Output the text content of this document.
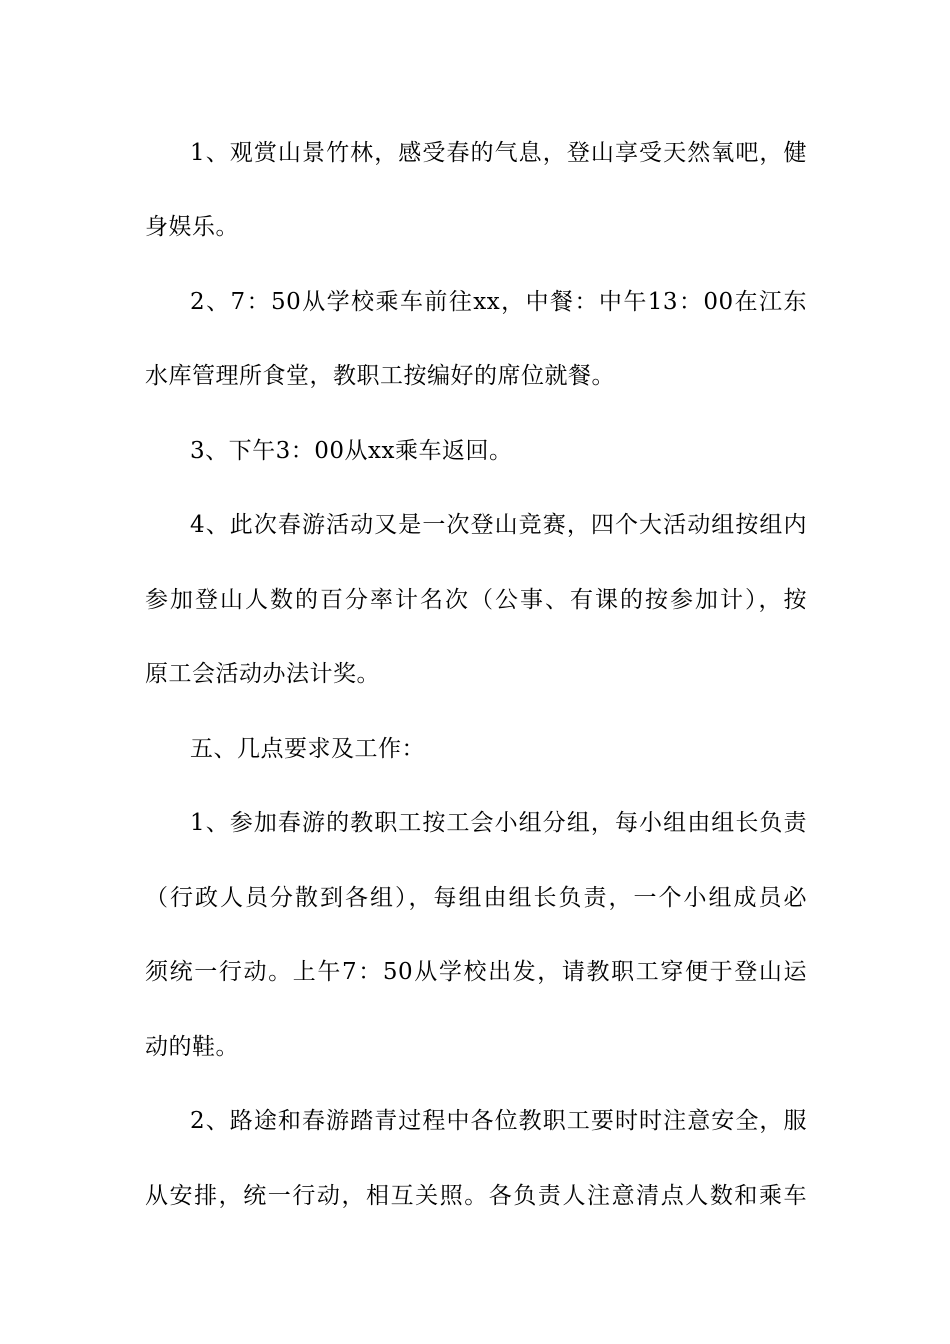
1、观赏山景竹林，感受春的气息，登山享受天然氧吧，健
身娱乐。
2、7：50从学校乘车前往xx，中餐：中午13：00在江东
水库管理所食堂，教职工按编好的席位就餐。
3、下午3：00从xx乘车返回。
4、此次春游活动又是一次登山竞赛，四个大活动组按组内
参加登山人数的百分率计名次（公事、有课的按参加计），按
原工会活动办法计奖。
五、几点要求及工作：
1、参加春游的教职工按工会小组分组，每小组由组长负责
（行政人员分散到各组），每组由组长负责，一个小组成员必
须统一行动。上午7：50从学校出发，请教职工穿便于登山运
动的鞋。
2、路途和春游踏青过程中各位教职工要时时注意安全，服
从安排，统一行动，相互关照。各负责人注意清点人数和乘车
